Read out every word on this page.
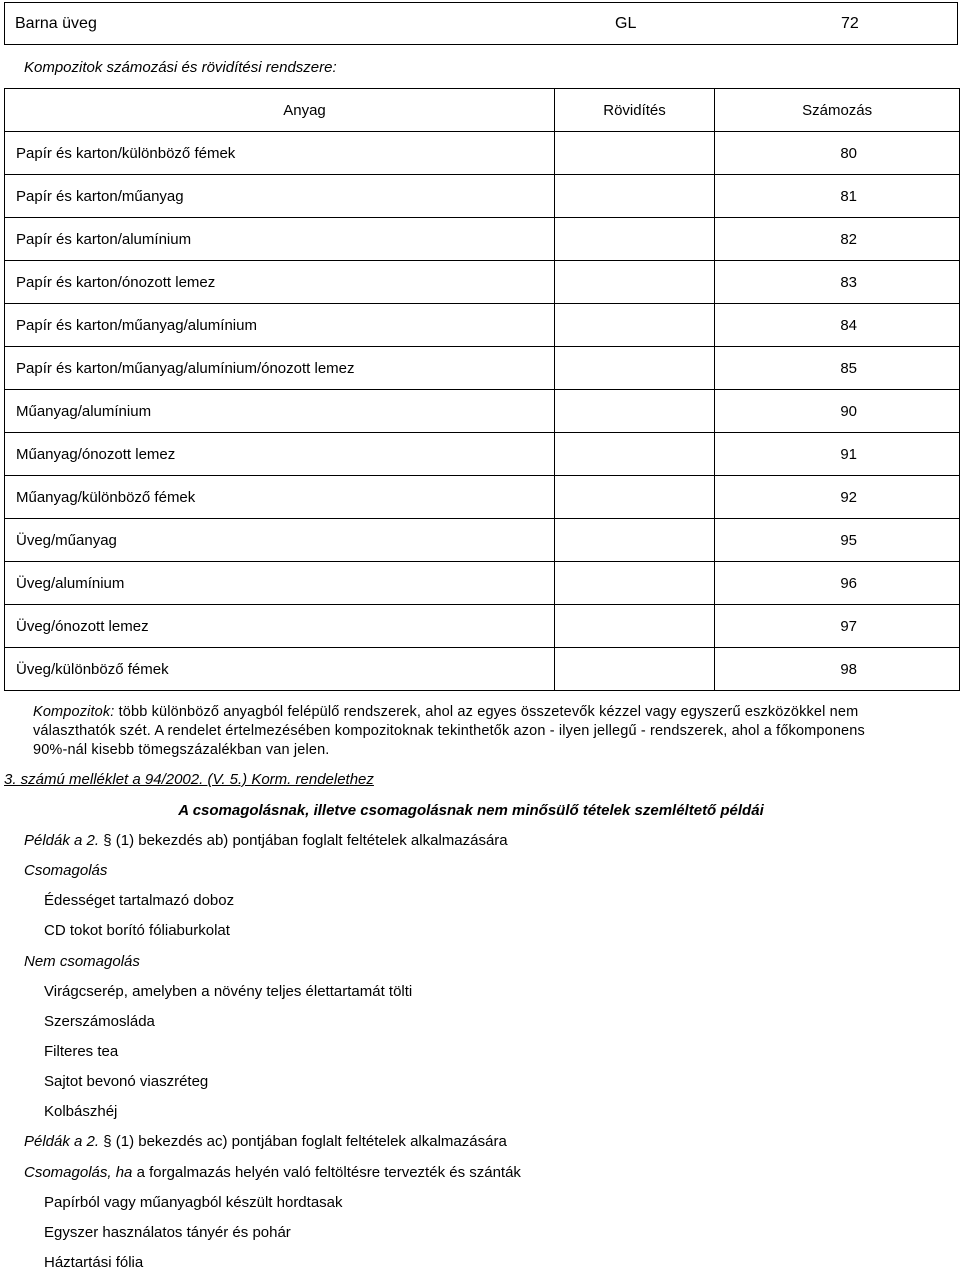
Barna üveg	GL	72
Kompozitok számozási és rövidítési rendszere:
Anyag	Rövidítés	Számozás
Papír és karton/különböző fémek		80
Papír és karton/műanyag		81
Papír és karton/alumínium		82
Papír és karton/ónozott lemez		83
Papír és karton/műanyag/alumínium		84
Papír és karton/műanyag/alumínium/ónozott lemez		85
Műanyag/alumínium		90
Műanyag/ónozott lemez		91
Műanyag/különböző fémek		92
Üveg/műanyag		95
Üveg/alumínium		96
Üveg/ónozott lemez		97
Üveg/különböző fémek		98
Kompozitok: több különböző anyagból felépülő rendszerek, ahol az egyes összetevők kézzel vagy egyszerű eszközökkel nem
választhatók szét. A rendelet értelmezésében kompozitoknak tekinthetők azon - ilyen jellegű - rendszerek, ahol a főkomponens
90%-nál kisebb tömegszázalékban van jelen.
3. számú melléklet a 94/2002. (V. 5.) Korm. rendelethez
A csomagolásnak, illetve csomagolásnak nem minősülő tételek szemléltető példái
Példák a 2. § (1) bekezdés ab) pontjában foglalt feltételek alkalmazására
Csomagolás
Édességet tartalmazó doboz
CD tokot borító fóliaburkolat
Nem csomagolás
Virágcserép, amelyben a növény teljes élettartamát tölti
Szerszámosláda
Filteres tea
Sajtot bevonó viaszréteg
Kolbászhéj
Példák a 2. § (1) bekezdés ac) pontjában foglalt feltételek alkalmazására
Csomagolás, ha a forgalmazás helyén való feltöltésre tervezték és szánták
Papírból vagy műanyagból készült hordtasak
Egyszer használatos tányér és pohár
Háztartási fólia
